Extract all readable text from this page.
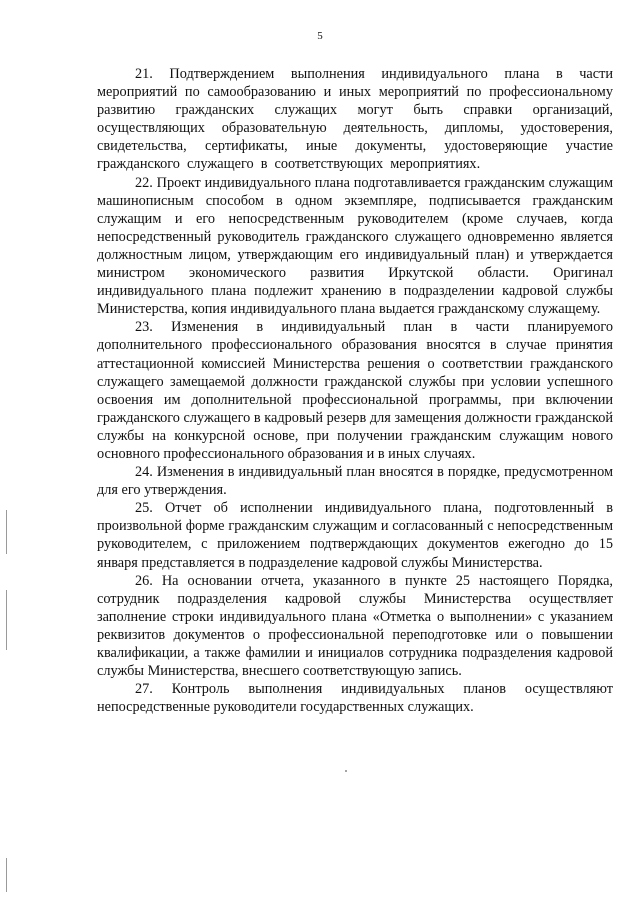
5

21. Подтверждением выполнения индивидуального плана в части мероприятий по самообразованию и иных мероприятий по профессиональному развитию гражданских служащих могут быть справки организаций, осуществляющих образовательную деятельность, дипломы, удостоверения, свидетельства, сертификаты, иные документы, удостоверяющие участие гражданского служащего в соответствующих мероприятиях.

22. Проект индивидуального плана подготавливается гражданским служащим машинописным способом в одном экземпляре, подписывается гражданским служащим и его непосредственным руководителем (кроме случаев, когда непосредственный руководитель гражданского служащего одновременно является должностным лицом, утверждающим его индивидуальный план) и утверждается министром экономического развития Иркутской области. Оригинал индивидуального плана подлежит хранению в подразделении кадровой службы Министерства, копия индивидуального плана выдается гражданскому служащему.

23. Изменения в индивидуальный план в части планируемого дополнительного профессионального образования вносятся в случае принятия аттестационной комиссией Министерства решения о соответствии гражданского служащего замещаемой должности гражданской службы при условии успешного освоения им дополнительной профессиональной программы, при включении гражданского служащего в кадровый резерв для замещения должности гражданской службы на конкурсной основе, при получении гражданским служащим нового основного профессионального образования и в иных случаях.

24. Изменения в индивидуальный план вносятся в порядке, предусмотренном для его утверждения.

25. Отчет об исполнении индивидуального плана, подготовленный в произвольной форме гражданским служащим и согласованный с непосредственным руководителем, с приложением подтверждающих документов ежегодно до 15 января представляется в подразделение кадровой службы Министерства.

26. На основании отчета, указанного в пункте 25 настоящего Порядка, сотрудник подразделения кадровой службы Министерства осуществляет заполнение строки индивидуального плана «Отметка о выполнении» с указанием реквизитов документов о профессиональной переподготовке или о повышении квалификации, а также фамилии и инициалов сотрудника подразделения кадровой службы Министерства, внесшего соответствующую запись.

27. Контроль выполнения индивидуальных планов осуществляют непосредственные руководители государственных служащих.
